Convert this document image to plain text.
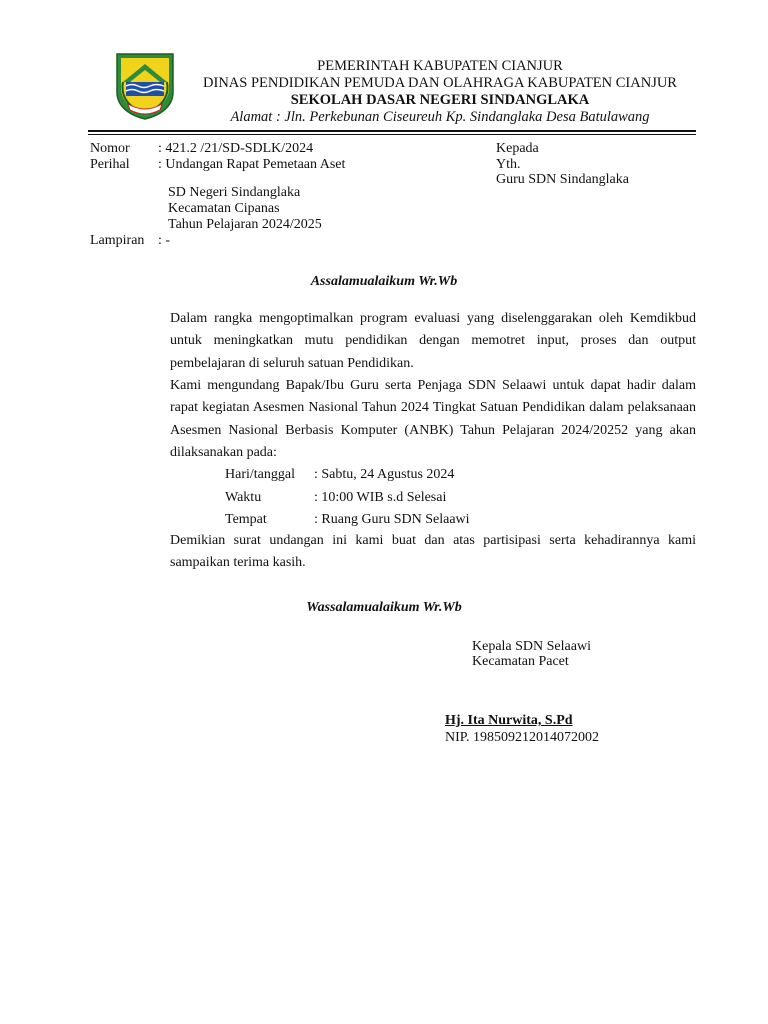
PEMERINTAH KABUPATEN CIANJUR
DINAS PENDIDIKAN PEMUDA DAN OLAHRAGA KABUPATEN CIANJUR
SEKOLAH DASAR NEGERI SINDANGLAKA
Alamat : Jln. Perkebunan Ciseureuh Kp. Sindanglaka Desa Batulawang
Nomor : 421.2 /21/SD-SDLK/2024
Perihal : Undangan Rapat Pemetaan Aset
SD Negeri Sindanglaka
Kecamatan Cipanas
Tahun Pelajaran 2024/2025
Lampiran : -
Kepada
Yth.
Guru SDN Sindanglaka
Assalamualaikum Wr.Wb

Dalam rangka mengoptimalkan program evaluasi yang diselenggarakan oleh Kemdikbud untuk meningkatkan mutu pendidikan dengan memotret input, proses dan output pembelajaran di seluruh satuan Pendidikan.

Kami mengundang Bapak/Ibu Guru serta Penjaga SDN Selaawi untuk dapat hadir dalam rapat kegiatan Asesmen Nasional Tahun 2024 Tingkat Satuan Pendidikan dalam pelaksanaan Asesmen Nasional Berbasis Komputer (ANBK) Tahun Pelajaran 2024/20252 yang akan dilaksanakan pada:

Hari/tanggal : Sabtu, 24 Agustus 2024
Waktu	: 10:00 WIB s.d Selesai
Tempat	: Ruang Guru SDN Selaawi

Demikian surat undangan ini kami buat dan atas partisipasi serta kehadirannya kami sampaikan terima kasih.

Wassalamualaikum Wr.Wb
Kepala SDN Selaawi
Kecamatan Pacet
Hj. Ita Nurwita, S.Pd
NIP. 198509212014072002
